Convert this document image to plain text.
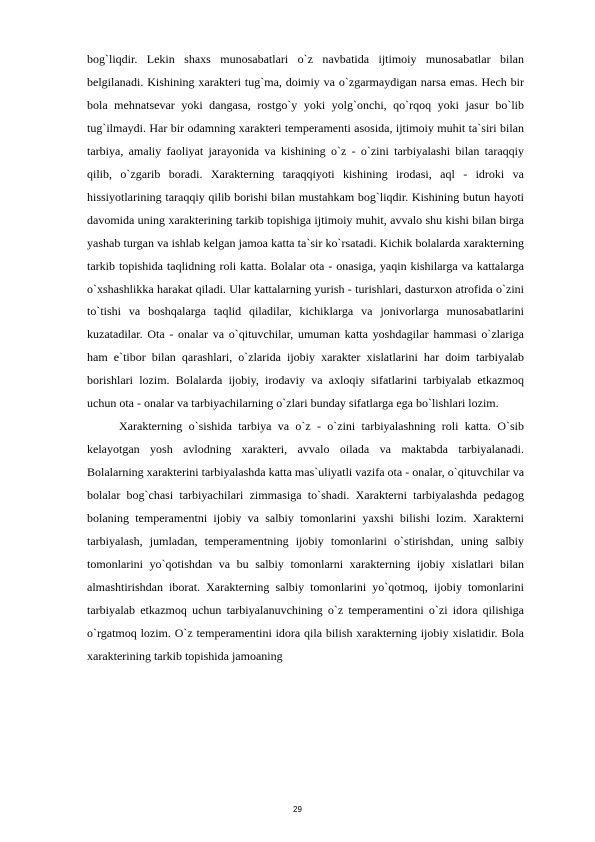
bog`liqdir. Lekin shaxs munosabatlari o`z navbatida ijtimoiy munosabatlar bilan belgilanadi. Kishining xarakteri tug`ma, doimiy va o`zgarmaydigan narsa emas. Hech bir bola mehnatsevar yoki dangasa, rostgo`y yoki yolg`onchi, qo`rqoq yoki jasur bo`lib tug`ilmaydi. Har bir odamning xarakteri temperamenti asosida, ijtimoiy muhit ta`siri bilan tarbiya, amaliy faoliyat jarayonida va kishining o`z - o`zini tarbiyalashi bilan taraqqiy qilib, o`zgarib boradi. Xarakterning taraqqiyoti kishining irodasi, aql - idroki va hissiyotlarining taraqqiy qilib borishi bilan mustahkam bog`liqdir. Kishining butun hayoti davomida uning xarakterining tarkib topishiga ijtimoiy muhit, avvalo shu kishi bilan birga yashab turgan va ishlab kelgan jamoa katta ta`sir ko`rsatadi. Kichik bolalarda xarakterning tarkib topishida taqlidning roli katta. Bolalar ota - onasiga, yaqin kishilarga va kattalarga o`xshashlikka harakat qiladi. Ular kattalarning yurish - turishlari, dasturxon atrofida o`zini to`tishi va boshqalarga taqlid qiladilar, kichiklarga va jonivorlarga munosabatlarini kuzatadilar. Ota - onalar va o`qituvchilar, umuman katta yoshdagilar hammasi o`zlariga ham e`tibor bilan qarashlari, o`zlarida ijobiy xarakter xislatlarini har doim tarbiyalab borishlari lozim. Bolalarda ijobiy, irodaviy va axloqiy sifatlarini tarbiyalab etkazmoq uchun ota - onalar va tarbiyachilarning o`zlari bunday sifatlarga ega bo`lishlari lozim.

Xarakterning o`sishida tarbiya va o`z - o`zini tarbiyalashning roli katta. O`sib kelayotgan yosh avlodning xarakteri, avvalo oilada va maktabda tarbiyalanadi. Bolalarning xarakterini tarbiyalashda katta mas`uliyatli vazifa ota - onalar, o`qituvchilar va bolalar bog`chasi tarbiyachilari zimmasiga to`shadi. Xarakterni tarbiyalashda pedagog bolaning temperamentni ijobiy va salbiy tomonlarini yaxshi bilishi lozim. Xarakterni tarbiyalash, jumladan, temperamentning ijobiy tomonlarini o`stirishdan, uning salbiy tomonlarini yo`qotishdan va bu salbiy tomonlarni xarakterning ijobiy xislatlari bilan almashtirishdan iborat. Xarakterning salbiy tomonlarini yo`qotmoq, ijobiy tomonlarini tarbiyalab etkazmoq uchun tarbiyalanuvchining o`z temperamentini o`zi idora qilishiga o`rgatmoq lozim. O`z temperamentini idora qila bilish xarakterning ijobiy xislatidir. Bola xarakterining tarkib topishida jamoaning

29
